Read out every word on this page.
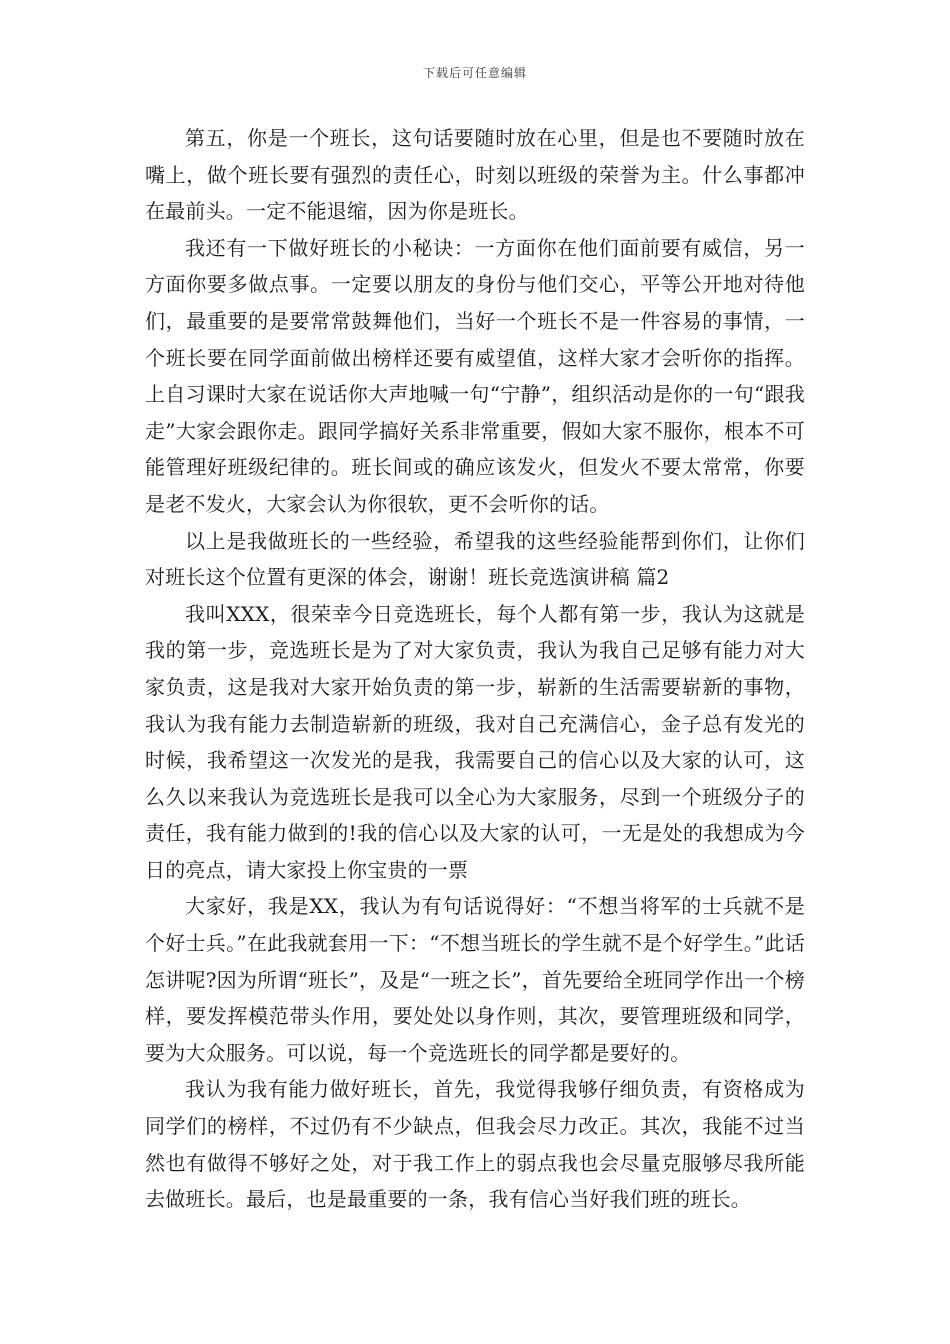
下载后可任意编辑

第五，你是一个班长，这句话要随时放在心里，但是也不要随时放在嘴上，做个班长要有强烈的责任心，时刻以班级的荣誉为主。什么事都冲在最前头。一定不能退缩，因为你是班长。

我还有一下做好班长的小秘诀：一方面你在他们面前要有威信，另一方面你要多做点事。一定要以朋友的身份与他们交心，平等公开地对待他们，最重要的是要常常鼓舞他们，当好一个班长不是一件容易的事情，一个班长要在同学面前做出榜样还要有威望值，这样大家才会听你的指挥。上自习课时大家在说话你大声地喊一句“宁静”，组织活动是你的一句“跟我走”大家会跟你走。跟同学搞好关系非常重要，假如大家不服你，根本不可能管理好班级纪律的。班长间或的确应该发火，但发火不要太常常，你要是老不发火，大家会认为你很软，更不会听你的话。

以上是我做班长的一些经验，希望我的这些经验能帮到你们，让你们对班长这个位置有更深的体会，谢谢！班长竞选演讲稿 篇2

我叫XXX，很荣幸今日竞选班长，每个人都有第一步，我认为这就是我的第一步，竞选班长是为了对大家负责，我认为我自己足够有能力对大家负责，这是我对大家开始负责的第一步，崭新的生活需要崭新的事物，我认为我有能力去制造崭新的班级，我对自己充满信心，金子总有发光的时候，我希望这一次发光的是我，我需要自己的信心以及大家的认可，这么久以来我认为竞选班长是我可以全心为大家服务，尽到一个班级分子的责任，我有能力做到的!我的信心以及大家的认可，一无是处的我想成为今日的亮点，请大家投上你宝贵的一票

大家好，我是XX，我认为有句话说得好：“不想当将军的士兵就不是个好士兵。”在此我就套用一下：“不想当班长的学生就不是个好学生。”此话怎讲呢?因为所谓“班长”，及是“一班之长”，首先要给全班同学作出一个榜样，要发挥模范带头作用，要处处以身作则，其次，要管理班级和同学，要为大众服务。可以说，每一个竞选班长的同学都是要好的。

我认为我有能力做好班长，首先，我觉得我够仔细负责，有资格成为同学们的榜样，不过仍有不少缺点，但我会尽力改正。其次，我能不过当然也有做得不够好之处，对于我工作上的弱点我也会尽量克服够尽我所能去做班长。最后，也是最重要的一条，我有信心当好我们班的班长。
